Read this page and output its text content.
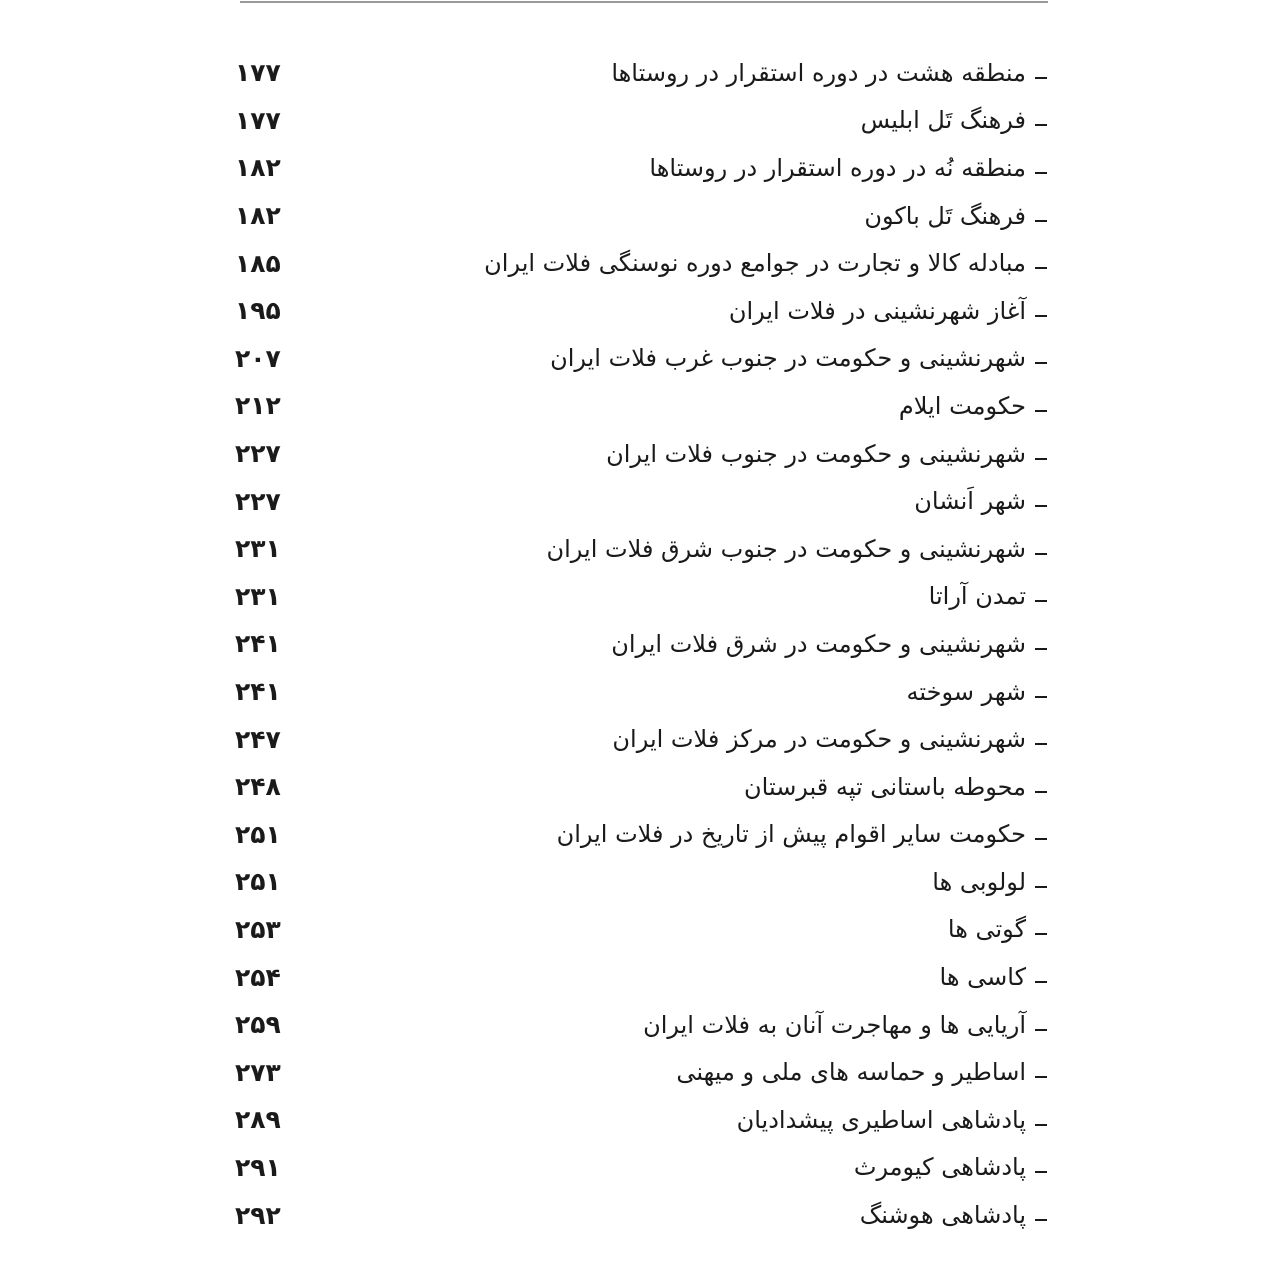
۱۷۷	منطقه هشت در دوره استقرار در روستاها
۱۷۷	فرهنگ تَل ابلیس
۱۸۲	منطقه نُه در دوره استقرار در روستاها
۱۸۲	فرهنگ تَل باکون
۱۸۵	مبادله کالا و تجارت در جوامع دوره نوسنگی فلات ایران
۱۹۵	آغاز شهرنشینی در فلات ایران
۲۰۷	شهرنشینی و حکومت در جنوب غرب فلات ایران
۲۱۲	حکومت ایلام
۲۲۷	شهرنشینی و حکومت در جنوب فلات ایران
۲۲۷	شهر اَنشان
۲۳۱	شهرنشینی و حکومت در جنوب شرق فلات ایران
۲۳۱	تمدن آراتا
۲۴۱	شهرنشینی و حکومت در شرق فلات ایران
۲۴۱	شهر سوخته
۲۴۷	شهرنشینی و حکومت در مرکز فلات ایران
۲۴۸	محوطه باستانی تپه قبرستان
۲۵۱	حکومت سایر اقوام پیش از تاریخ در فلات ایران
۲۵۱	لولوبی ها
۲۵۳	گوتی ها
۲۵۴	کاسی ها
۲۵۹	آریایی ها و مهاجرت آنان به فلات ایران
۲۷۳	اساطیر و حماسه های ملی و میهنی
۲۸۹	پادشاهی اساطیری پیشدادیان
۲۹۱	پادشاهی کیومرث
۲۹۲	پادشاهی هوشنگ
